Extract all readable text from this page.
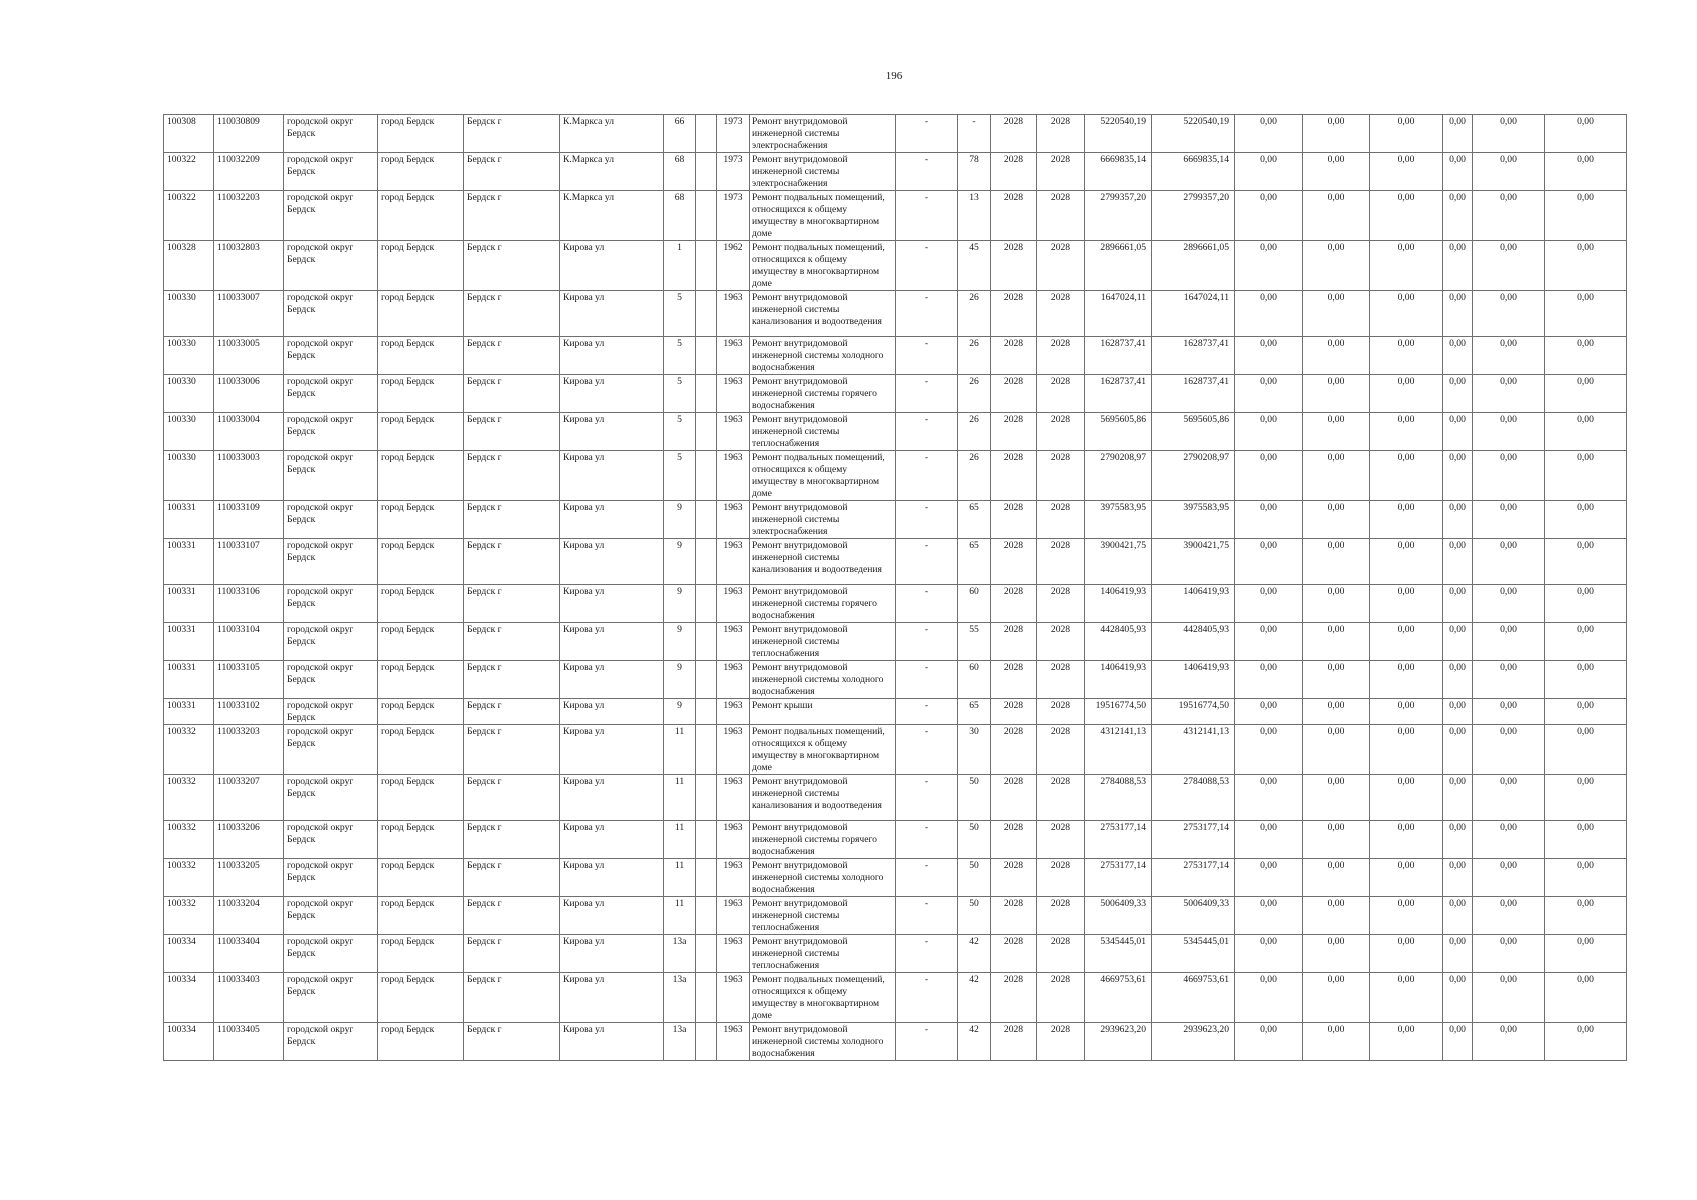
196
100308	110030809	городской округ Бердск	город Бердск	Бердск г	К.Маркса ул	66		1973	Ремонт внутридомовой инженерной системы электроснабжения	-	-	2028	2028	5220540,19	5220540,19	0,00	0,00	0,00	0,00	0,00	0,00
100322	110032209	городской округ Бердск	город Бердск	Бердск г	К.Маркса ул	68		1973	Ремонт внутридомовой инженерной системы электроснабжения	-	78	2028	2028	6669835,14	6669835,14	0,00	0,00	0,00	0,00	0,00	0,00
100322	110032203	городской округ Бердск	город Бердск	Бердск г	К.Маркса ул	68		1973	Ремонт подвальных помещений, относящихся к общему имуществу в многоквартирном доме	-	13	2028	2028	2799357,20	2799357,20	0,00	0,00	0,00	0,00	0,00	0,00
100328	110032803	городской округ Бердск	город Бердск	Бердск г	Кирова ул	1		1962	Ремонт подвальных помещений, относящихся к общему имуществу в многоквартирном доме	-	45	2028	2028	2896661,05	2896661,05	0,00	0,00	0,00	0,00	0,00	0,00
100330	110033007	городской округ Бердск	город Бердск	Бердск г	Кирова ул	5		1963	Ремонт внутридомовой инженерной системы канализования и водоотведения	-	26	2028	2028	1647024,11	1647024,11	0,00	0,00	0,00	0,00	0,00	0,00
100330	110033005	городской округ Бердск	город Бердск	Бердск г	Кирова ул	5		1963	Ремонт внутридомовой инженерной системы холодного водоснабжения	-	26	2028	2028	1628737,41	1628737,41	0,00	0,00	0,00	0,00	0,00	0,00
100330	110033006	городской округ Бердск	город Бердск	Бердск г	Кирова ул	5		1963	Ремонт внутридомовой инженерной системы горячего водоснабжения	-	26	2028	2028	1628737,41	1628737,41	0,00	0,00	0,00	0,00	0,00	0,00
100330	110033004	городской округ Бердск	город Бердск	Бердск г	Кирова ул	5		1963	Ремонт внутридомовой инженерной системы теплоснабжения	-	26	2028	2028	5695605,86	5695605,86	0,00	0,00	0,00	0,00	0,00	0,00
100330	110033003	городской округ Бердск	город Бердск	Бердск г	Кирова ул	5		1963	Ремонт подвальных помещений, относящихся к общему имуществу в многоквартирном доме	-	26	2028	2028	2790208,97	2790208,97	0,00	0,00	0,00	0,00	0,00	0,00
100331	110033109	городской округ Бердск	город Бердск	Бердск г	Кирова ул	9		1963	Ремонт внутридомовой инженерной системы электроснабжения	-	65	2028	2028	3975583,95	3975583,95	0,00	0,00	0,00	0,00	0,00	0,00
100331	110033107	городской округ Бердск	город Бердск	Бердск г	Кирова ул	9		1963	Ремонт внутридомовой инженерной системы канализования и водоотведения	-	65	2028	2028	3900421,75	3900421,75	0,00	0,00	0,00	0,00	0,00	0,00
100331	110033106	городской округ Бердск	город Бердск	Бердск г	Кирова ул	9		1963	Ремонт внутридомовой инженерной системы горячего водоснабжения	-	60	2028	2028	1406419,93	1406419,93	0,00	0,00	0,00	0,00	0,00	0,00
100331	110033104	городской округ Бердск	город Бердск	Бердск г	Кирова ул	9		1963	Ремонт внутридомовой инженерной системы теплоснабжения	-	55	2028	2028	4428405,93	4428405,93	0,00	0,00	0,00	0,00	0,00	0,00
100331	110033105	городской округ Бердск	город Бердск	Бердск г	Кирова ул	9		1963	Ремонт внутридомовой инженерной системы холодного водоснабжения	-	60	2028	2028	1406419,93	1406419,93	0,00	0,00	0,00	0,00	0,00	0,00
100331	110033102	городской округ Бердск	город Бердск	Бердск г	Кирова ул	9		1963	Ремонт крыши	-	65	2028	2028	19516774,50	19516774,50	0,00	0,00	0,00	0,00	0,00	0,00
100332	110033203	городской округ Бердск	город Бердск	Бердск г	Кирова ул	11		1963	Ремонт подвальных помещений, относящихся к общему имуществу в многоквартирном доме	-	30	2028	2028	4312141,13	4312141,13	0,00	0,00	0,00	0,00	0,00	0,00
100332	110033207	городской округ Бердск	город Бердск	Бердск г	Кирова ул	11		1963	Ремонт внутридомовой инженерной системы канализования и водоотведения	-	50	2028	2028	2784088,53	2784088,53	0,00	0,00	0,00	0,00	0,00	0,00
100332	110033206	городской округ Бердск	город Бердск	Бердск г	Кирова ул	11		1963	Ремонт внутридомовой инженерной системы горячего водоснабжения	-	50	2028	2028	2753177,14	2753177,14	0,00	0,00	0,00	0,00	0,00	0,00
100332	110033205	городской округ Бердск	город Бердск	Бердск г	Кирова ул	11		1963	Ремонт внутридомовой инженерной системы холодного водоснабжения	-	50	2028	2028	2753177,14	2753177,14	0,00	0,00	0,00	0,00	0,00	0,00
100332	110033204	городской округ Бердск	город Бердск	Бердск г	Кирова ул	11		1963	Ремонт внутридомовой инженерной системы теплоснабжения	-	50	2028	2028	5006409,33	5006409,33	0,00	0,00	0,00	0,00	0,00	0,00
100334	110033404	городской округ Бердск	город Бердск	Бердск г	Кирова ул	13а		1963	Ремонт внутридомовой инженерной системы теплоснабжения	-	42	2028	2028	5345445,01	5345445,01	0,00	0,00	0,00	0,00	0,00	0,00
100334	110033403	городской округ Бердск	город Бердск	Бердск г	Кирова ул	13а		1963	Ремонт подвальных помещений, относящихся к общему имуществу в многоквартирном доме	-	42	2028	2028	4669753,61	4669753,61	0,00	0,00	0,00	0,00	0,00	0,00
100334	110033405	городской округ Бердск	город Бердск	Бердск г	Кирова ул	13а		1963	Ремонт внутридомовой инженерной системы холодного водоснабжения	-	42	2028	2028	2939623,20	2939623,20	0,00	0,00	0,00	0,00	0,00	0,00
